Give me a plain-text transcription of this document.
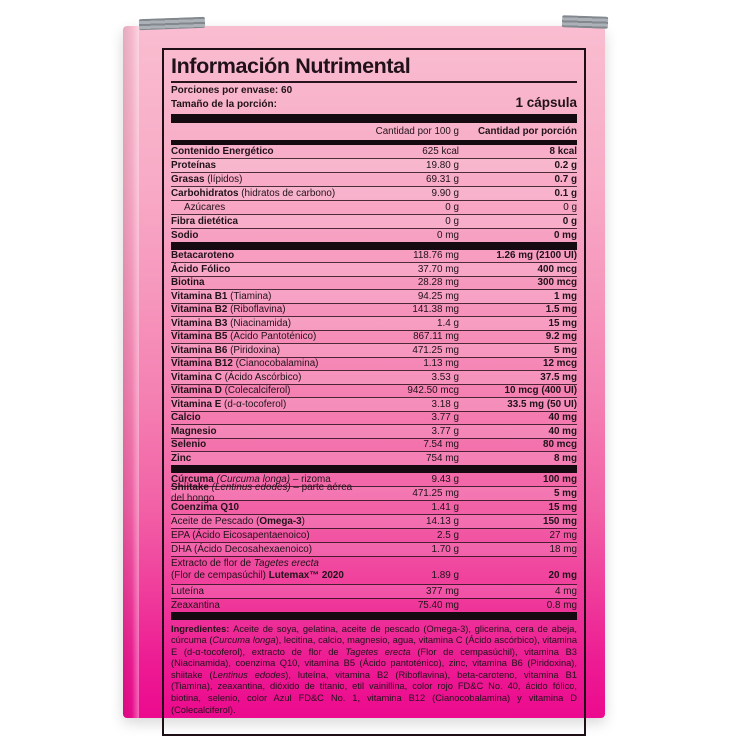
Información Nutrimental
Porciones por envase: 60
Tamaño de la porción:	1 cápsula
Cantidad por 100 g	Cantidad por porción
Contenido Energético	625 kcal	8 kcal
Proteínas	19.80 g	0.2 g
Grasas (lípidos)	69.31 g	0.7 g
Carbohidratos (hidratos de carbono)	9.90 g	0.1 g
Azúcares	0 g	0 g
Fibra dietética	0 g	0 g
Sodio	0 mg	0 mg
Betacaroteno	118.76 mg	1.26 mg (2100 UI)
Ácido Fólico	37.70 mg	400 mcg
Biotina	28.28 mg	300 mcg
Vitamina B1 (Tiamina)	94.25 mg	1 mg
Vitamina B2 (Riboflavina)	141.38 mg	1.5 mg
Vitamina B3 (Niacinamida)	1.4 g	15 mg
Vitamina B5 (Ácido Pantoténico)	867.11 mg	9.2 mg
Vitamina B6 (Piridoxina)	471.25 mg	5 mg
Vitamina B12 (Cianocobalamina)	1.13 mg	12 mcg
Vitamina C (Ácido Ascórbico)	3.53 g	37.5 mg
Vitamina D (Colecalciferol)	942.50 mcg	10 mcg (400 UI)
Vitamina E (d-α-tocoferol)	3.18 g	33.5 mg (50 UI)
Calcio	3.77 g	40 mg
Magnesio	3.77 g	40 mg
Selenio	7.54 mg	80 mcg
Zinc	754 mg	8 mg
Cúrcuma (Curcuma longa) – rizoma	9.43 g	100 mg
Shiitake (Lentinus edodes) – parte aérea del hongo	471.25 mg	5 mg
Coenzima Q10	1.41 g	15 mg
Aceite de Pescado (Omega-3)	14.13 g	150 mg
EPA (Ácido Eicosapentaenoico)	2.5 g	27 mg
DHA (Ácido Decosahexaenoico)	1.70 g	18 mg
Extracto de flor de Tagetes erecta
(Flor de cempasúchil) Lutemax™ 2020	1.89 g	20 mg
Luteína	377 mg	4 mg
Zeaxantina	75.40 mg	0.8 mg

Ingredientes: Aceite de soya, gelatina, aceite de pescado (Omega-3), glicerina, cera de abeja, cúrcuma (Curcuma longa), lecitina, calcio, magnesio, agua, vitamina C (Ácido ascórbico), vitamina E (d-α-tocoferol), extracto de flor de Tagetes erecta (Flor de cempasúchil), vitamina B3 (Niacinamida), coenzima Q10, vitamina B5 (Ácido pantoténico), zinc, vitamina B6 (Piridoxina), shiitake (Lentinus edodes), luteína, vitamina B2 (Riboflavina), beta-caroteno, vitamina B1 (Tiamina), zeaxantina, dióxido de titanio, etil vainillina, color rojo FD&C No. 40, ácido fólico, biotina, selenio, color Azul FD&C No. 1, vitamina B12 (Cianocobalamina) y vitamina D (Colecalciferol).
